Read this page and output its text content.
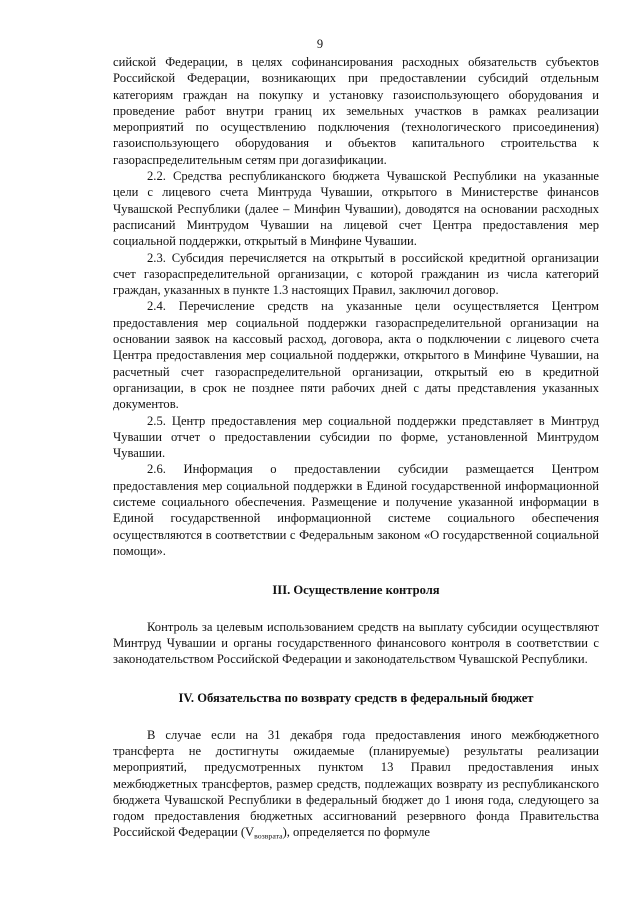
9

сийской Федерации, в целях софинансирования расходных обязательств субъектов Российской Федерации, возникающих при предоставлении субсидий отдельным категориям граждан на покупку и установку газоиспользующего оборудования и проведение работ внутри границ их земельных участков в рамках реализации мероприятий по осуществлению подключения (технологического присоединения) газоиспользующего оборудования и объектов капитального строительства к газораспределительным сетям при догазификации.

2.2. Средства республиканского бюджета Чувашской Республики на указанные цели с лицевого счета Минтруда Чувашии, открытого в Министерстве финансов Чувашской Республики (далее – Минфин Чувашии), доводятся на основании расходных расписаний Минтрудом Чувашии на лицевой счет Центра предоставления мер социальной поддержки, открытый в Минфине Чувашии.

2.3. Субсидия перечисляется на открытый в российской кредитной организации счет газораспределительной организации, с которой гражданин из числа категорий граждан, указанных в пункте 1.3 настоящих Правил, заключил договор.

2.4. Перечисление средств на указанные цели осуществляется Центром предоставления мер социальной поддержки газораспределительной организации на основании заявок на кассовый расход, договора, акта о подключении с лицевого счета Центра предоставления мер социальной поддержки, открытого в Минфине Чувашии, на расчетный счет газораспределительной организации, открытый ею в кредитной организации, в срок не позднее пяти рабочих дней с даты представления указанных документов.

2.5. Центр предоставления мер социальной поддержки представляет в Минтруд Чувашии отчет о предоставлении субсидии по форме, установленной Минтрудом Чувашии.

2.6. Информация о предоставлении субсидии размещается Центром предоставления мер социальной поддержки в Единой государственной информационной системе социального обеспечения. Размещение и получение указанной информации в Единой государственной информационной системе социального обеспечения осуществляются в соответствии с Федеральным законом «О государственной социальной помощи».

III. Осуществление контроля

Контроль за целевым использованием средств на выплату субсидии осуществляют Минтруд Чувашии и органы государственного финансового контроля в соответствии с законодательством Российской Федерации и законодательством Чувашской Республики.

IV. Обязательства по возврату средств в федеральный бюджет

В случае если на 31 декабря года предоставления иного межбюджетного трансферта не достигнуты ожидаемые (планируемые) результаты реализации мероприятий, предусмотренных пунктом 13 Правил предоставления иных межбюджетных трансфертов, размер средств, подлежащих возврату из республиканского бюджета Чувашской Республики в федеральный бюджет до 1 июня года, следующего за годом предоставления бюджетных ассигнований резервного фонда Правительства Российской Федерации $(V_{возврата})$, определяется по формуле
